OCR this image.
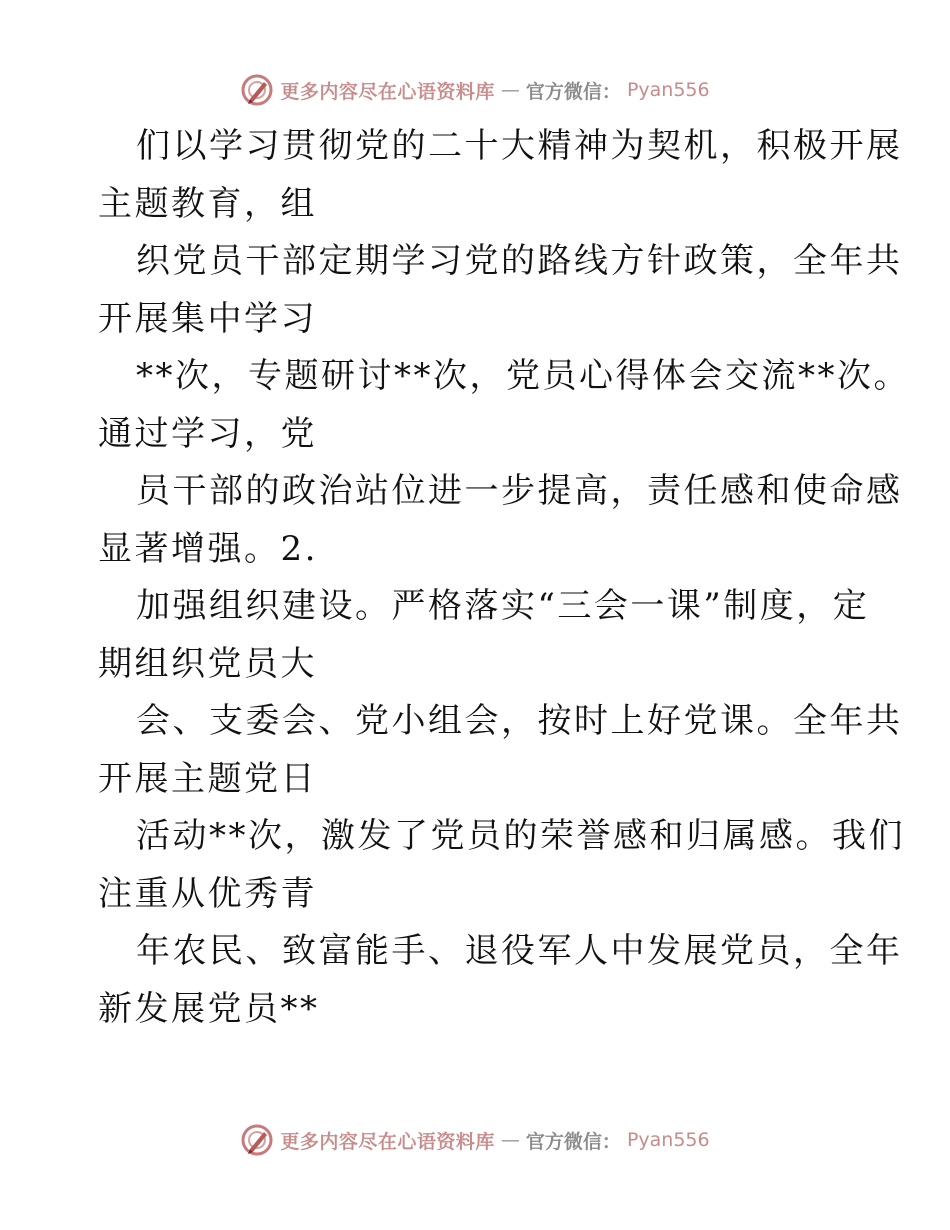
更多内容尽在心语资料库 — 官方微信： Pyan556

们以学习贯彻党的二十大精神为契机，积极开展
主题教育，组

织党员干部定期学习党的路线方针政策，全年共
开展集中学习

**次，专题研讨**次，党员心得体会交流**次。
通过学习，党

员干部的政治站位进一步提高，责任感和使命感
显著增强。2.

加强组织建设。严格落实“三会一课”制度，定
期组织党员大

会、支委会、党小组会，按时上好党课。全年共
开展主题党日

活动**次，激发了党员的荣誉感和归属感。我们
注重从优秀青

年农民、致富能手、退役军人中发展党员，全年
新发展党员**

更多内容尽在心语资料库 — 官方微信： Pyan556
